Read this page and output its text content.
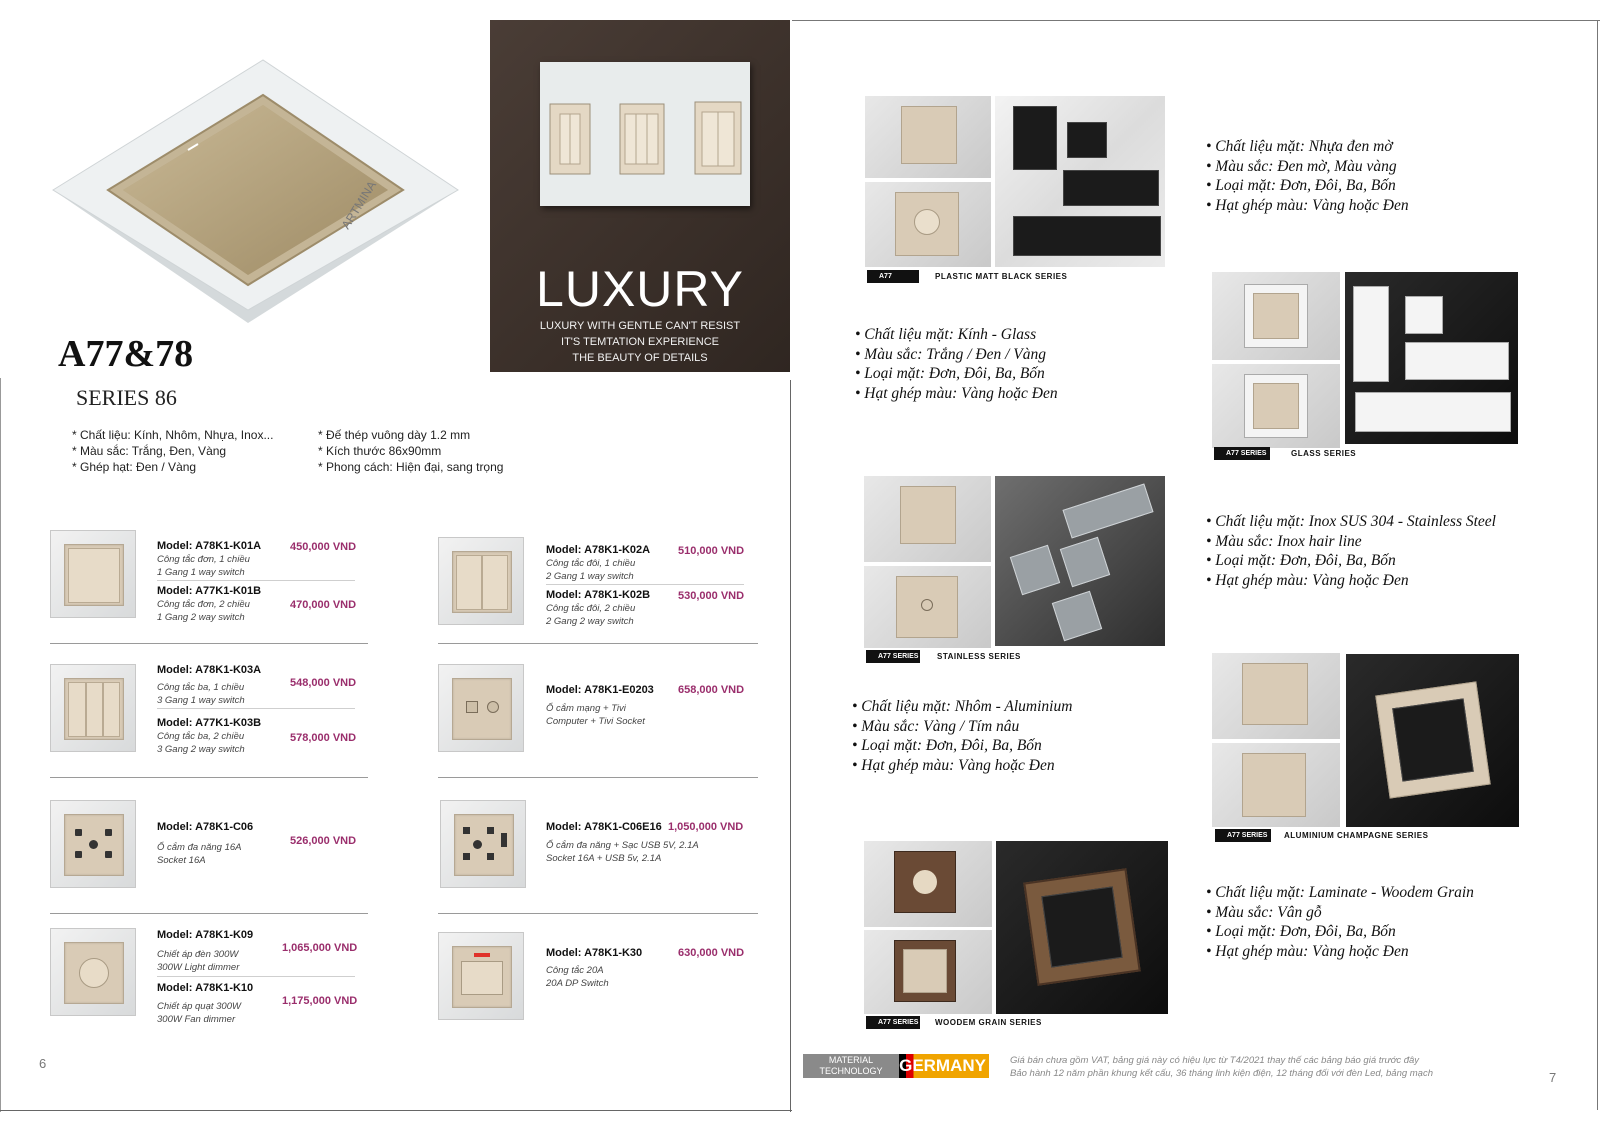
ARTMINA
LUXURY
LUXURY WITH GENTLE CAN'T RESIST
IT'S TEMTATION EXPERIENCE
THE BEAUTY OF DETAILS
A77&78
SERIES 86
* Chất liệu: Kính, Nhôm, Nhựa, Inox...
* Màu sắc: Trắng, Đen, Vàng
* Ghép hạt: Đen / Vàng
* Đế thép vuông dày 1.2 mm
* Kích thước 86x90mm
* Phong cách: Hiện đại, sang trọng
Model: A78K1-K01A
Công tắc đơn, 1 chiều
1 Gang 1 way switch
450,000 VND
Model: A77K1-K01B
Công tắc đơn, 2 chiều
1 Gang 2 way switch
470,000 VND
Model: A78K1-K02A
Công tắc đôi, 1 chiều
2 Gang 1 way switch
510,000 VND
Model: A78K1-K02B
Công tắc đôi, 2 chiều
2 Gang 2 way switch
530,000 VND
Model: A78K1-K03A
Công tắc ba, 1 chiều
3 Gang 1 way switch
548,000 VND
Model: A77K1-K03B
Công tắc ba, 2 chiều
3 Gang 2 way switch
578,000 VND
Model: A78K1-E0203
Ổ cắm mạng + Tivi
Computer + Tivi Socket
658,000 VND
Model: A78K1-C06
Ổ cắm đa năng 16A
Socket 16A
526,000 VND
Model: A78K1-C06E16
Ổ cắm đa năng + Sạc USB 5V, 2.1A
Socket 16A + USB 5v, 2.1A
1,050,000 VND
Model: A78K1-K09
Chiết áp đèn 300W
300W Light dimmer
1,065,000 VND
Model: A78K1-K10
Chiết áp quạt 300W
300W Fan dimmer
1,175,000 VND
Model: A78K1-K30
Công tắc 20A
20A DP Switch
630,000 VND
6
A77 SERIES
PLASTIC MATT BLACK SERIES
• Chất liệu mặt: Nhựa đen mờ
• Màu sắc: Đen mờ, Màu vàng
• Loại mặt: Đơn, Đôi, Ba, Bốn
• Hạt ghép màu: Vàng hoặc Đen
• Chất liệu mặt: Kính - Glass
• Màu sắc: Trắng / Đen / Vàng
• Loại mặt: Đơn, Đôi, Ba, Bốn
• Hạt ghép màu: Vàng hoặc Đen
A77 SERIES	GLASS SERIES
A77 SERIES STAINLESS SERIES
• Chất liệu mặt: Inox SUS 304 - Stainless Steel
• Màu sắc: Inox hair line
• Loại mặt: Đơn, Đôi, Ba, Bốn
• Hạt ghép màu: Vàng hoặc Đen
• Chất liệu mặt: Nhôm - Aluminium
• Màu sắc: Vàng / Tím nâu
• Loại mặt: Đơn, Đôi, Ba, Bốn
• Hạt ghép màu: Vàng hoặc Đen
A77 SERIES	ALUMINIUM CHAMPAGNE SERIES
A77 SERIES WOODEM GRAIN SERIES
• Chất liệu mặt: Laminate - Woodem Grain
• Màu sắc: Vân gỗ
• Loại mặt: Đơn, Đôi, Ba, Bốn
• Hạt ghép màu: Vàng hoặc Đen
MATERIAL
TECHNOLOGY GERMANY	Giá bán chưa gồm VAT, bảng giá này có hiệu lực từ T4/2021 thay thế các bảng báo giá trước đây
Bảo hành 12 năm phần khung kết cấu, 36 tháng linh kiện điện, 12 tháng đối với đèn Led, bảng mạch	7
